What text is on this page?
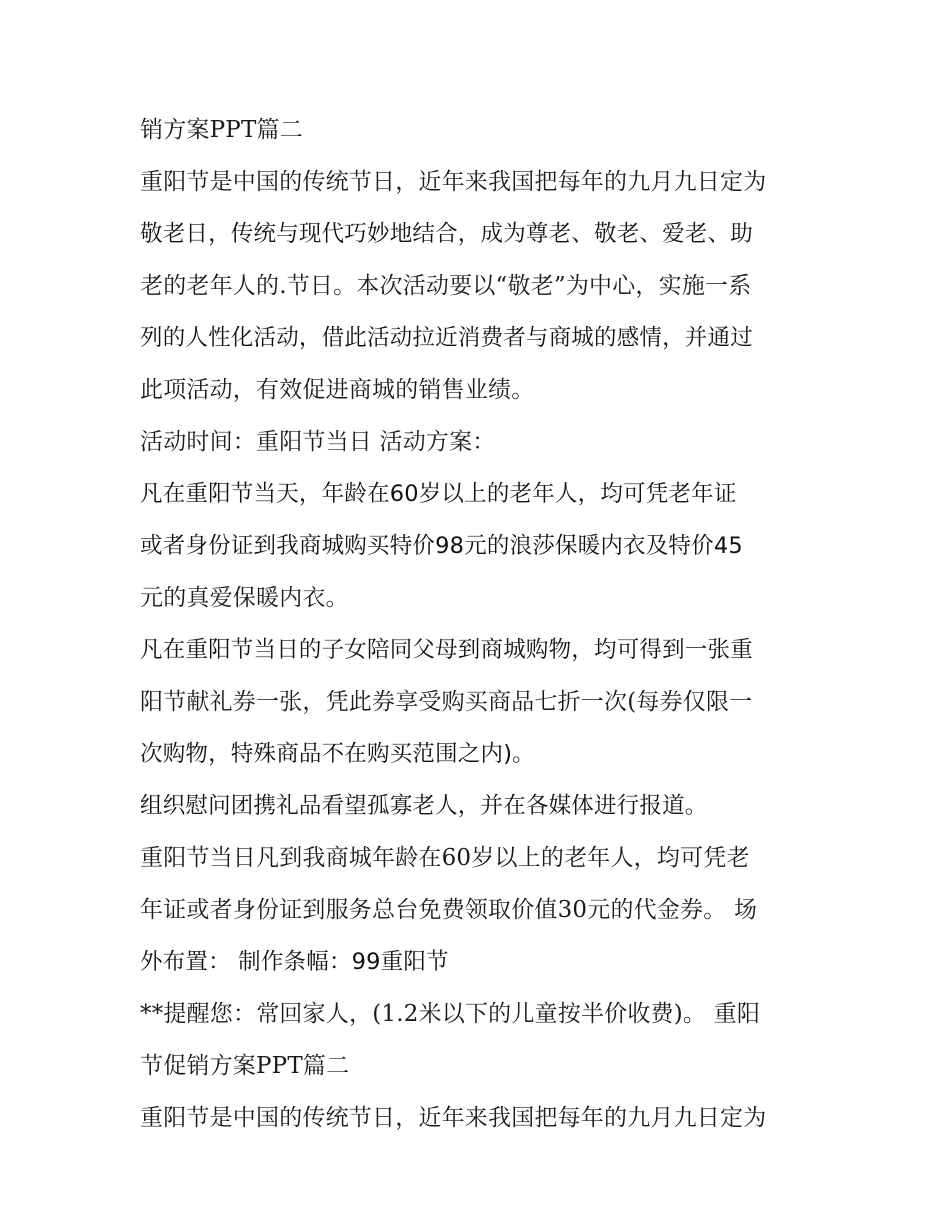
销方案PPT篇二
重阳节是中国的传统节日，近年来我国把每年的九月九日定为
敬老日，传统与现代巧妙地结合，成为尊老、敬老、爱老、助
老的老年人的.节日。本次活动要以“敬老”为中心，实施一系
列的人性化活动，借此活动拉近消费者与商城的感情，并通过
此项活动，有效促进商城的销售业绩。
活动时间：重阳节当日 活动方案：
凡在重阳节当天，年龄在60岁以上的老年人，均可凭老年证
或者身份证到我商城购买特价98元的浪莎保暖内衣及特价45
元的真爱保暖内衣。
凡在重阳节当日的子女陪同父母到商城购物，均可得到一张重
阳节献礼券一张，凭此券享受购买商品七折一次(每券仅限一
次购物，特殊商品不在购买范围之内)。
组织慰问团携礼品看望孤寡老人，并在各媒体进行报道。
重阳节当日凡到我商城年龄在60岁以上的老年人，均可凭老
年证或者身份证到服务总台免费领取价值30元的代金券。 场
外布置： 制作条幅：99重阳节
**提醒您：常回家人，(1.2米以下的儿童按半价收费)。 重阳
节促销方案PPT篇二
重阳节是中国的传统节日，近年来我国把每年的九月九日定为
